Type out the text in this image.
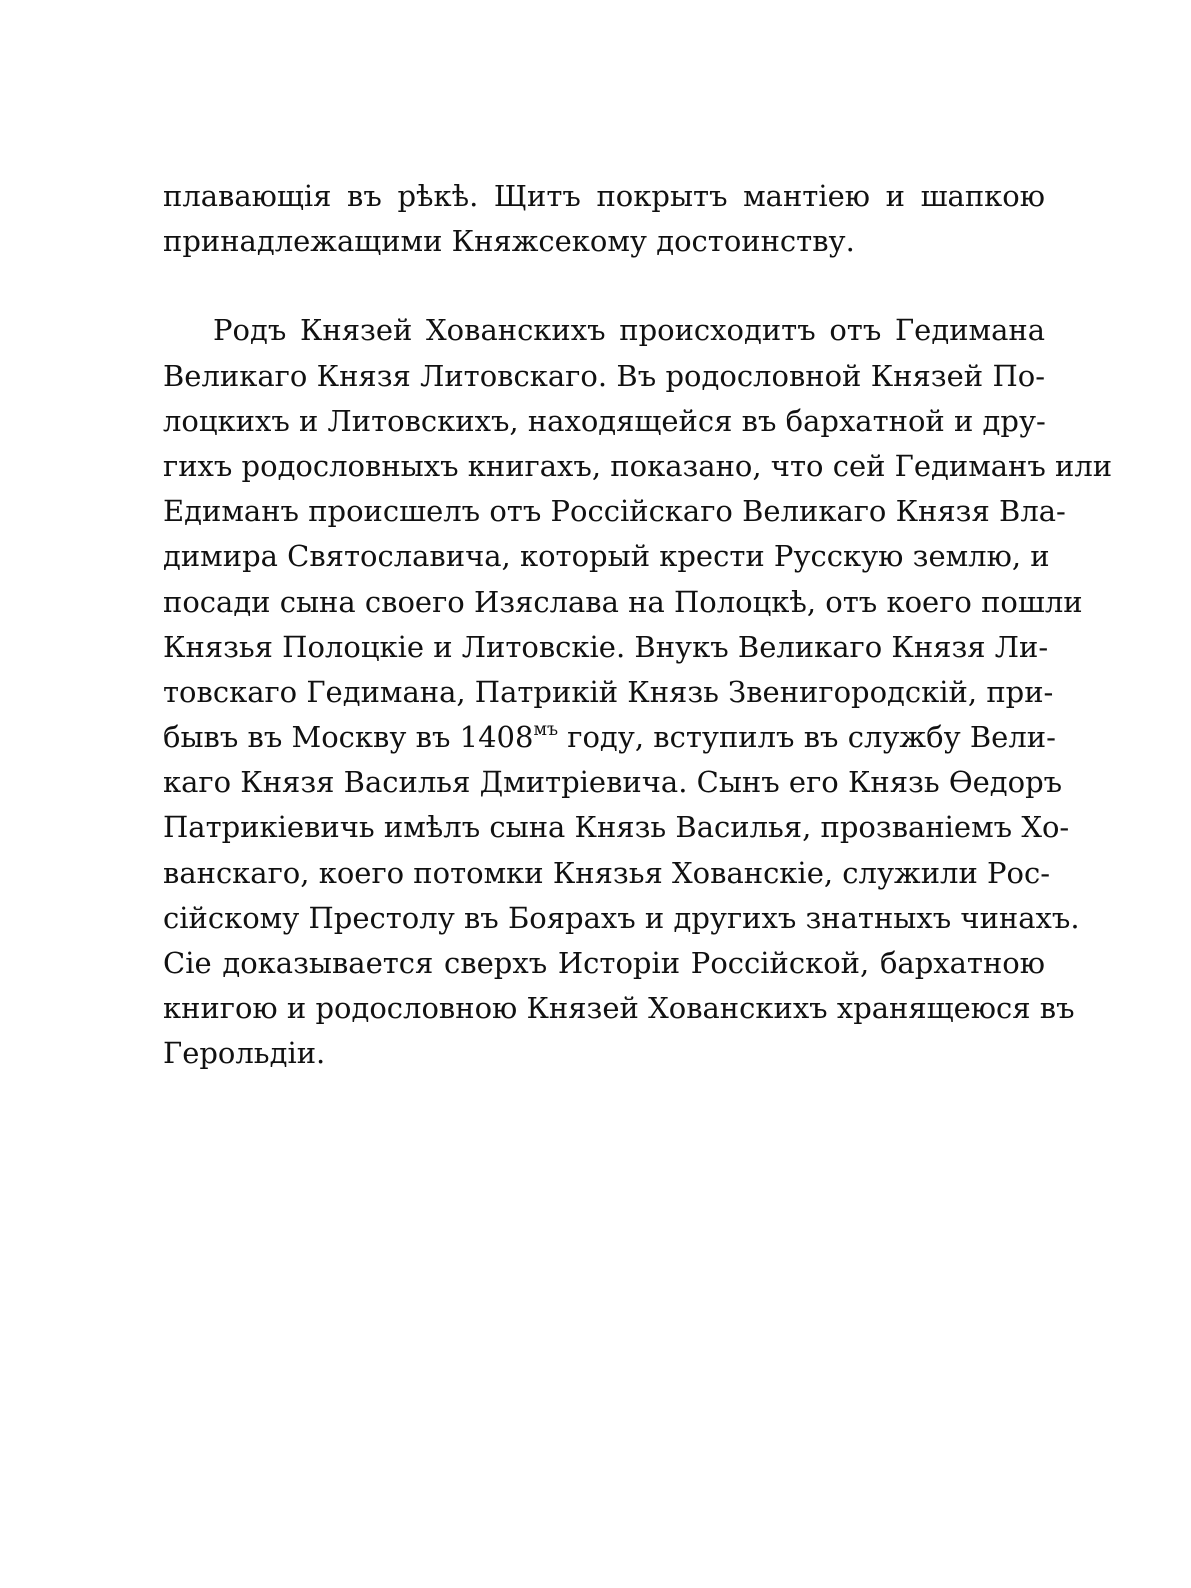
плавающія въ рѣкѣ. Щитъ покрытъ мантіею и шапкою
принадлежащими Княжсекому достоинству.
Родъ Князей Хованскихъ происходитъ отъ Гедимана
Великаго Князя Литовскаго. Въ родословной Князей По-
лоцкихъ и Литовскихъ, находящейся въ бархатной и дру-
гихъ родословныхъ книгахъ, показано, что сей Гедиманъ или
Едиманъ происшелъ отъ Россійскаго Великаго Князя Вла-
димира Святославича, который крести Русскую землю, и
посади сына своего Изяслава на Полоцкѣ, отъ коего пошли
Князья Полоцкіе и Литовскіе. Внукъ Великаго Князя Ли-
товскаго Гедимана, Патрикій Князь Звенигородскій, при-
бывъ въ Москву въ $1408^{мъ}$ году, вступилъ въ службу Вели-
каго Князя Василья Дмитріевича. Сынъ его Князь Ѳедоръ
Патрикіевичь имѣлъ сына Князь Василья, прозваніемъ Хо-
ванскаго, коего потомки Князья Хованскіе, служили Рос-
сійскому Престолу въ Боярахъ и другихъ знатныхъ чинахъ.
Сіе доказывается сверхъ Исторіи Россійской, бархатною
книгою и родословною Князей Хованскихъ хранящеюся въ
Герольдіи.
